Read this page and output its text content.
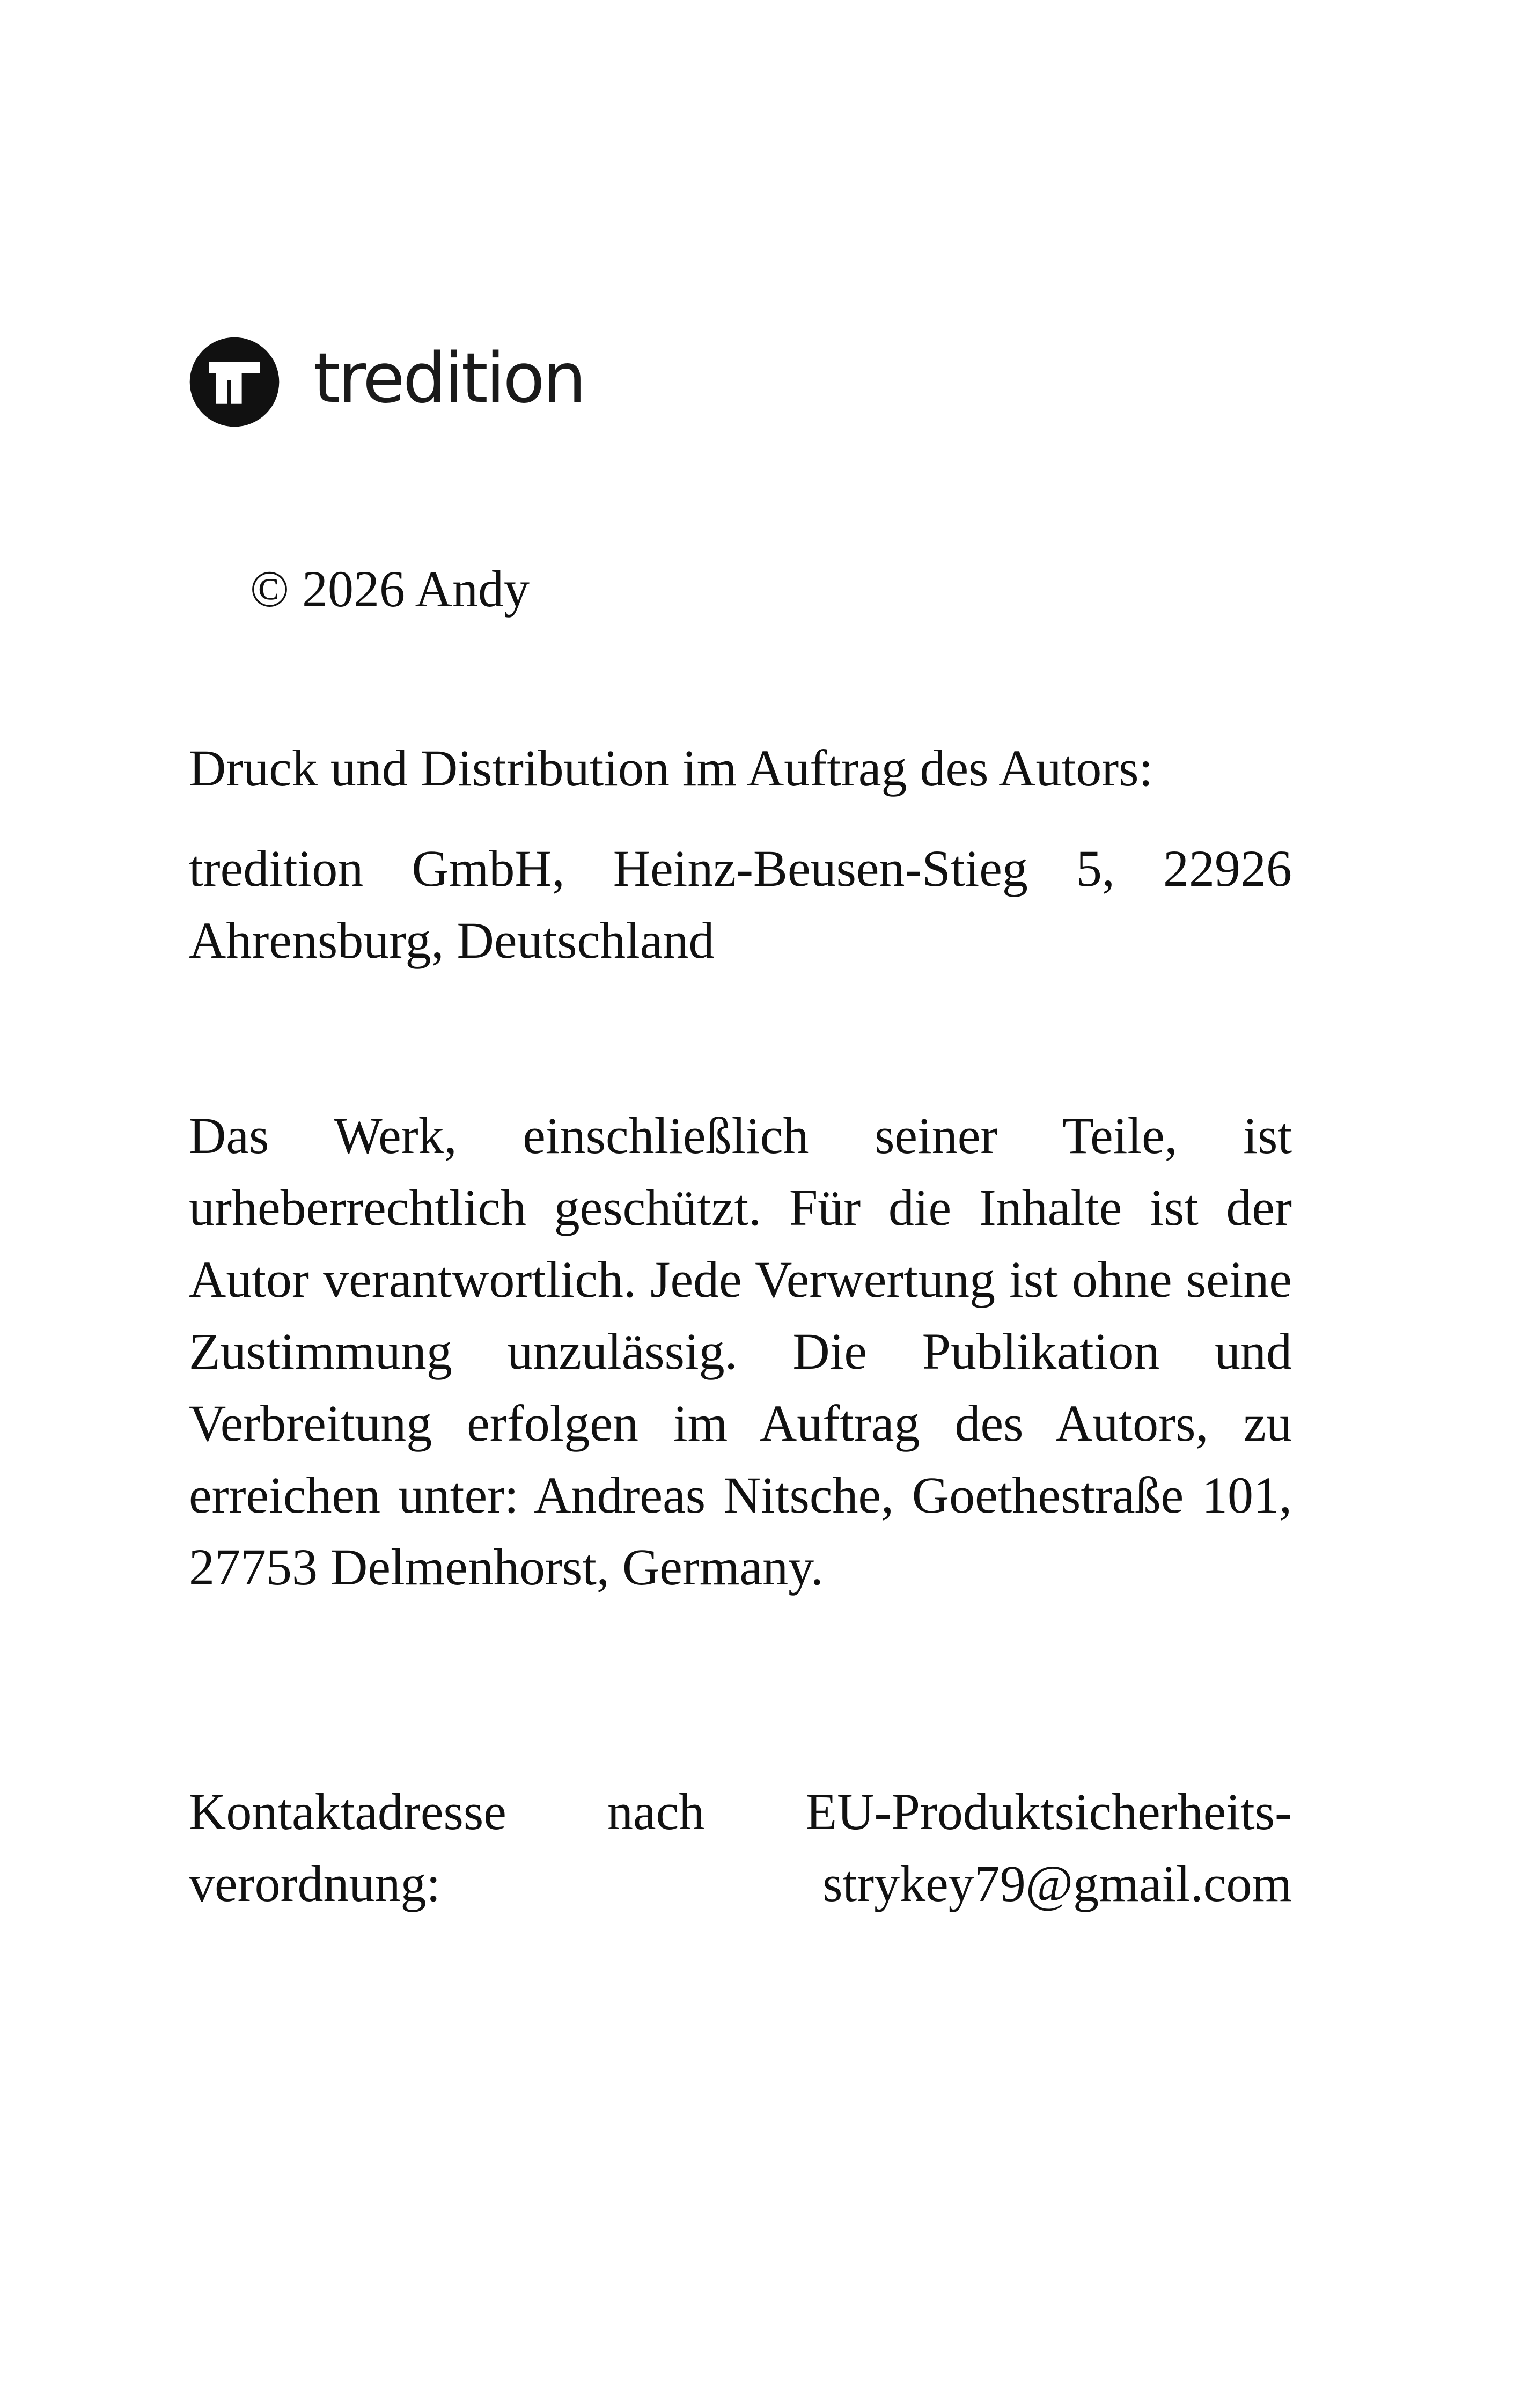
tredition
© 2026 Andy
Druck und Distribution im Auftrag des Autors:
tredition GmbH, Heinz-Beusen-Stieg 5, 22926 Ahrensburg, Deutschland
Das Werk, einschließlich seiner Teile, ist urheberrechtlich geschützt. Für die Inhalte ist der Autor verantwortlich. Jede Verwertung ist ohne seine Zustimmung unzulässig. Die Publikation und Verbreitung erfolgen im Auftrag des Autors, zu erreichen unter: Andreas Nitsche, Goethestraße 101, 27753 Delmenhorst, Germany.
Kontaktadresse nach EU-Produktsicherheits-
verordnung:	strykey79@gmail.com
